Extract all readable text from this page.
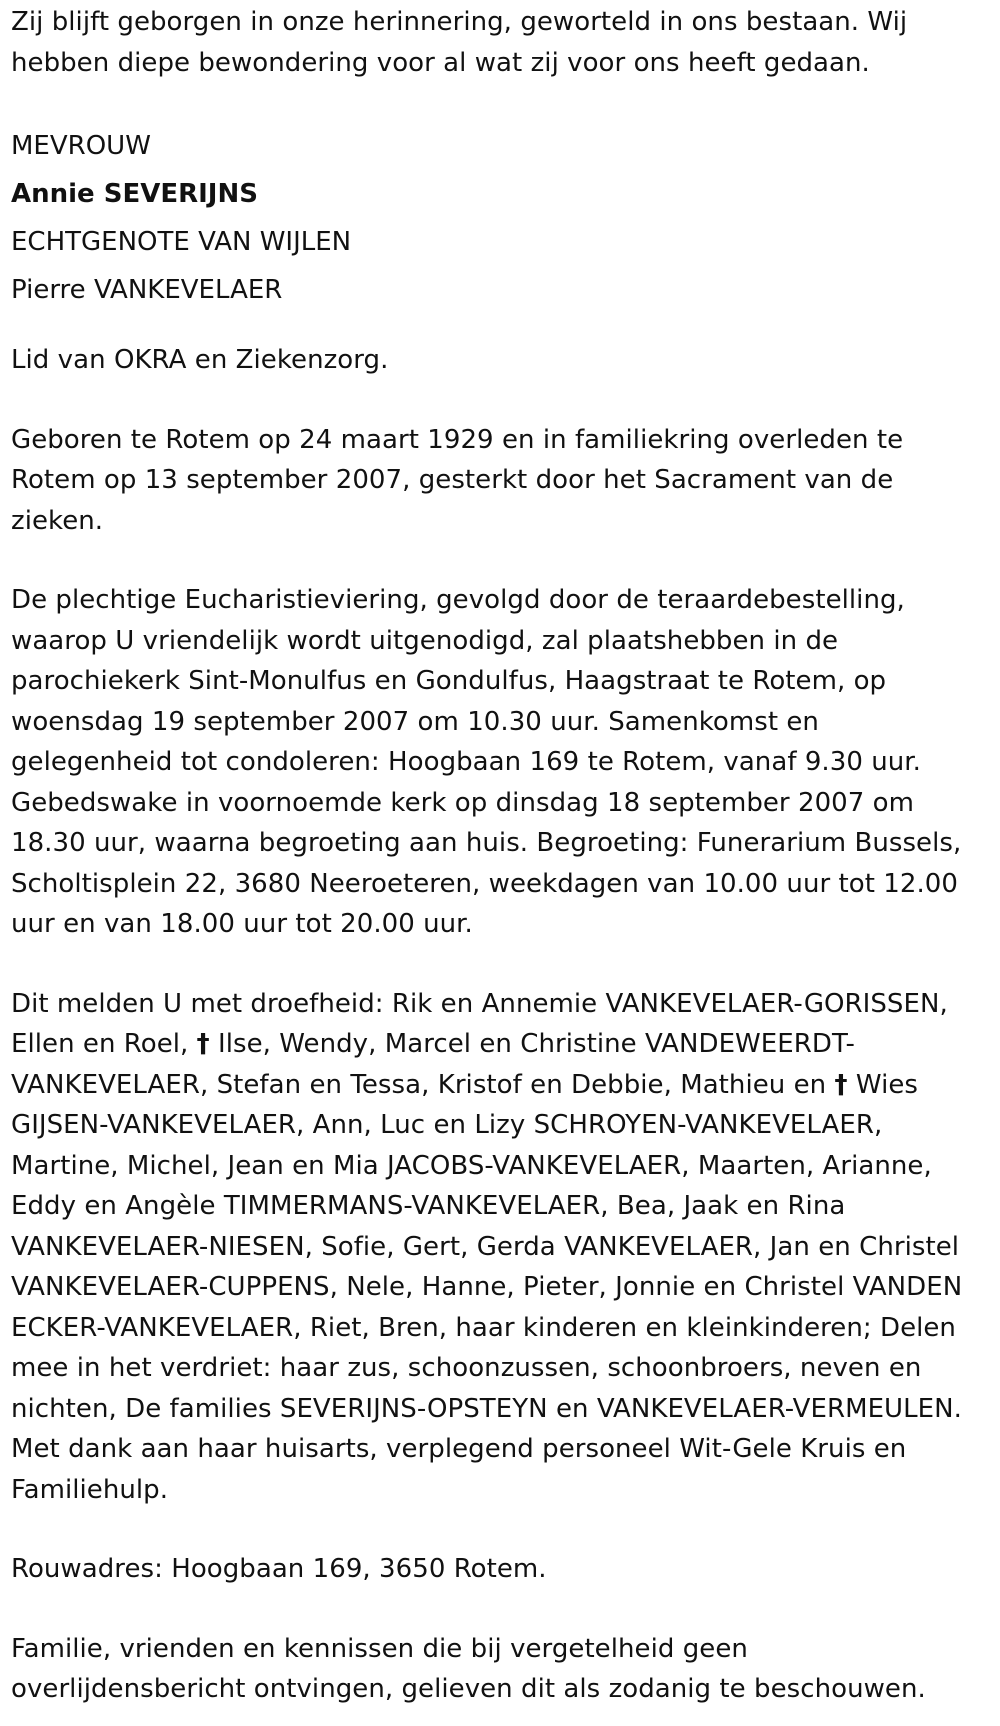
Zij blijft geborgen in onze herinnering, geworteld in ons bestaan. Wij hebben diepe bewondering voor al wat zij voor ons heeft gedaan.

MEVROUW
Annie SEVERIJNS
ECHTGENOTE VAN WIJLEN
Pierre VANKEVELAER

Lid van OKRA en Ziekenzorg.

Geboren te Rotem op 24 maart 1929 en in familiekring overleden te Rotem op 13 september 2007, gesterkt door het Sacrament van de zieken.

De plechtige Eucharistieviering, gevolgd door de teraardebestelling, waarop U vriendelijk wordt uitgenodigd, zal plaatshebben in de parochiekerk Sint-Monulfus en Gondulfus, Haagstraat te Rotem, op woensdag 19 september 2007 om 10.30 uur. Samenkomst en gelegenheid tot condoleren: Hoogbaan 169 te Rotem, vanaf 9.30 uur. Gebedswake in voornoemde kerk op dinsdag 18 september 2007 om 18.30 uur, waarna begroeting aan huis. Begroeting: Funerarium Bussels, Scholtisplein 22, 3680 Neeroeteren, weekdagen van 10.00 uur tot 12.00 uur en van 18.00 uur tot 20.00 uur.

Dit melden U met droefheid: Rik en Annemie VANKEVELAER-GORISSEN, Ellen en Roel, † Ilse, Wendy, Marcel en Christine VANDEWEERDT-VANKEVELAER, Stefan en Tessa, Kristof en Debbie, Mathieu en † Wies GIJSEN-VANKEVELAER, Ann, Luc en Lizy SCHROYEN-VANKEVELAER, Martine, Michel, Jean en Mia JACOBS-VANKEVELAER, Maarten, Arianne, Eddy en Angèle TIMMERMANS-VANKEVELAER, Bea, Jaak en Rina VANKEVELAER-NIESEN, Sofie, Gert, Gerda VANKEVELAER, Jan en Christel VANKEVELAER-CUPPENS, Nele, Hanne, Pieter, Jonnie en Christel VANDEN ECKER-VANKEVELAER, Riet, Bren, haar kinderen en kleinkinderen; Delen mee in het verdriet: haar zus, schoonzussen, schoonbroers, neven en nichten, De families SEVERIJNS-OPSTEYN en VANKEVELAER-VERMEULEN. Met dank aan haar huisarts, verplegend personeel Wit-Gele Kruis en Familiehulp.

Rouwadres: Hoogbaan 169, 3650 Rotem.

Familie, vrienden en kennissen die bij vergetelheid geen overlijdensbericht ontvingen, gelieven dit als zodanig te beschouwen.
